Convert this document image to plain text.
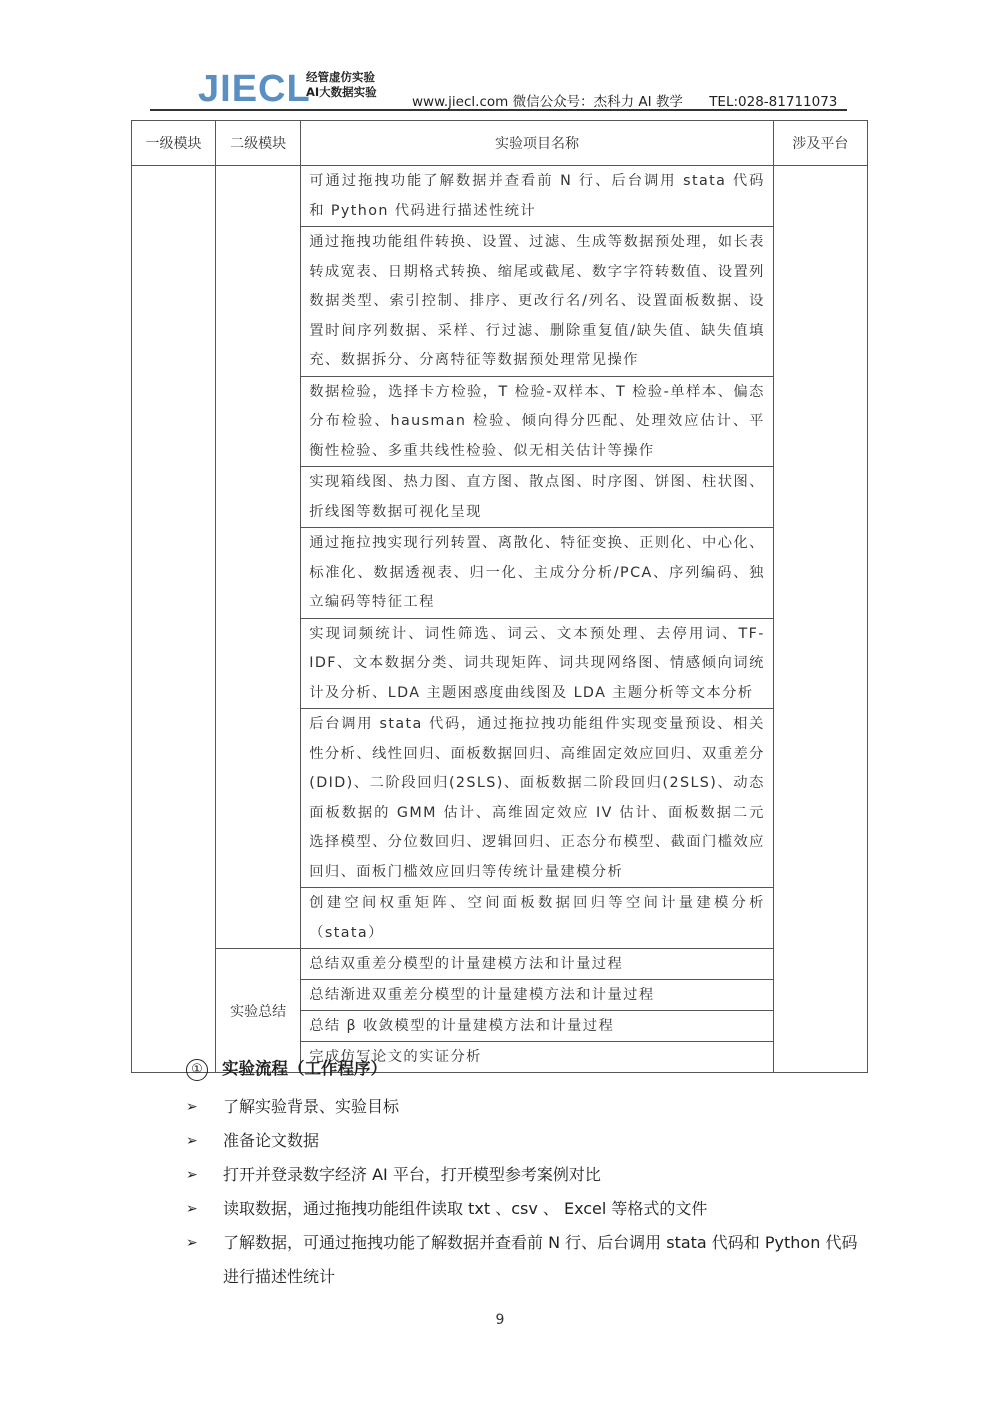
JIECL
经管虚仿实验
AI大数据实验
www.jiecl.com 微信公众号：杰科力 AI 教学 TEL:028-81711073
一级模块	二级模块	实验项目名称	涉及平台

		可通过拖拽功能了解数据并查看前 N 行、后台调用 stata 代码和 Python 代码进行描述性统计	

		通过拖拽功能组件转换、设置、过滤、生成等数据预处理，如长表转成宽表、日期格式转换、缩尾或截尾、数字字符转数值、设置列数据类型、索引控制、排序、更改行名/列名、设置面板数据、设置时间序列数据、采样、行过滤、删除重复值/缺失值、缺失值填充、数据拆分、分离特征等数据预处理常见操作	

		数据检验，选择卡方检验，T 检验-双样本、T 检验-单样本、偏态分布检验、hausman 检验、倾向得分匹配、处理效应估计、平衡性检验、多重共线性检验、似无相关估计等操作	

		实现箱线图、热力图、直方图、散点图、时序图、饼图、柱状图、折线图等数据可视化呈现	

		通过拖拉拽实现行列转置、离散化、特征变换、正则化、中心化、标准化、数据透视表、归一化、主成分分析/PCA、序列编码、独立编码等特征工程	

		实现词频统计、词性筛选、词云、文本预处理、去停用词、TF-IDF、文本数据分类、词共现矩阵、词共现网络图、情感倾向词统计及分析、LDA 主题困惑度曲线图及 LDA 主题分析等文本分析	

		后台调用 stata 代码，通过拖拉拽功能组件实现变量预设、相关性分析、线性回归、面板数据回归、高维固定效应回归、双重差分(DID)、二阶段回归(2SLS)、面板数据二阶段回归(2SLS)、动态面板数据的 GMM 估计、高维固定效应 IV 估计、面板数据二元选择模型、分位数回归、逻辑回归、正态分布模型、截面门槛效应回归、面板门槛效应回归等传统计量建模分析	

		创建空间权重矩阵、空间面板数据回归等空间计量建模分析（stata）	

	实验总结	总结双重差分模型的计量建模方法和计量过程	

		总结渐进双重差分模型的计量建模方法和计量过程	

		总结 β 收敛模型的计量建模方法和计量过程	

		完成仿写论文的实证分析	
① 实验流程（工作程序）
➢ 了解实验背景、实验目标
➢ 准备论文数据
➢ 打开并登录数字经济 AI 平台，打开模型参考案例对比
➢ 读取数据，通过拖拽功能组件读取 txt 、csv 、 Excel 等格式的文件
➢ 了解数据，可通过拖拽功能了解数据并查看前 N 行、后台调用 stata 代码和 Python 代码进行描述性统计
9
